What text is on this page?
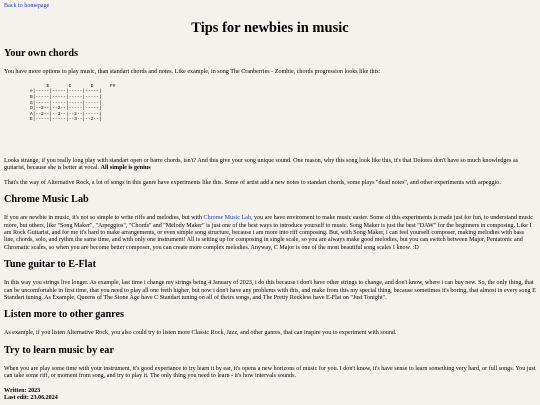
Back to homepage
Tips for newbies in music
Your own chords

You have more options to play music, than standart chords and notes. Like example, in song The Cranberries - Zombie, chords progression looks like this:

E       C       D      F#
e|-----|-----|-----|-----|
B|-----|-----|-----|-----|
G|-----|-----|-----|-----|
D|--2--|--2--|-----|-----|
A|--2--|--3--|--2--|-----|
E|-----|-----|--3--|--2--|

Looks strange, if you really long play with standart open or barre chords, isn't? And this give your song unique sound. One reason, why this song look like this, it's that Dolores don't have so much knowledges as guitarist, because she is better at vocal. All simple is genius

That's the way of Alternative Rock, a lot of songs in this ganre have experiments like this. Some of artist add a new notes to standart chords, some plays "dead notes", and other experiments with arpeggio.

Chrome Music Lab

If you are newbie in music, it's not so simple to write riffs and melodies, but with Chrome Music Lab, you are have enviroment to make music easier. Some of this experiments is made just for fun, to understand music more, but others, like "Song Maker", "Arpeggios", "Chords" and "Melody Maker" is just one of the best ways to introduce yourself to music. Song Maker is just the best "DAW" for the beginners in composing. Like I am Rock Guitarist, and for me it's hard to make arrangements, or even simple song structure, because i am more into riff composing. But, with Song Maker, i can feel yourself composer, making melodies with bass line, chords, solo, and rythm the same time, and with only one instrument! All is setting up for composing in single scale, so you are always make good melodies, but you can switch between Major, Pentatonic and Chromatic scales, so when you are become better composer, you can create more complex melodies. Anyway, C Major is one of the most beautiful song scales I know. :D

Tune guitar to E-Flat

In this way you strings live longer. As example, last time i change my strings being 4 January of 2023, i do this because i don't have other strings to change, and don't know, where i can buy new. So, the only thing, that can be uncomfortable in first time, that you need to play all one freth higher, but now i don't have any problems with this, and make from this my special thing, because sometimes it's boring, that almost in every song E Standart tuning. As Example, Queens of The Stone Age have C Standart tuning on all of theirs songs, and The Pretty Reckless have E-Flat on "Just Tonight".

Listen more to other ganres

As example, if you listen Alternative Rock, you also could try to listen more Classic Rock, Jazz, and other ganres, that can inspire you to experiment with sound.

Try to learn music by ear

When you are play some time with your instrument, it's good experiance to try learn it by ear, it's opens a new horizons of music for you. I don't know, it's have sense to learn something very hard, or full songs. You just can take some riff, or moment from song, and try to play it. The only thing you need to learn - it's how intervals sounds.

Written: 2023

Last edit: 23.06.2024
